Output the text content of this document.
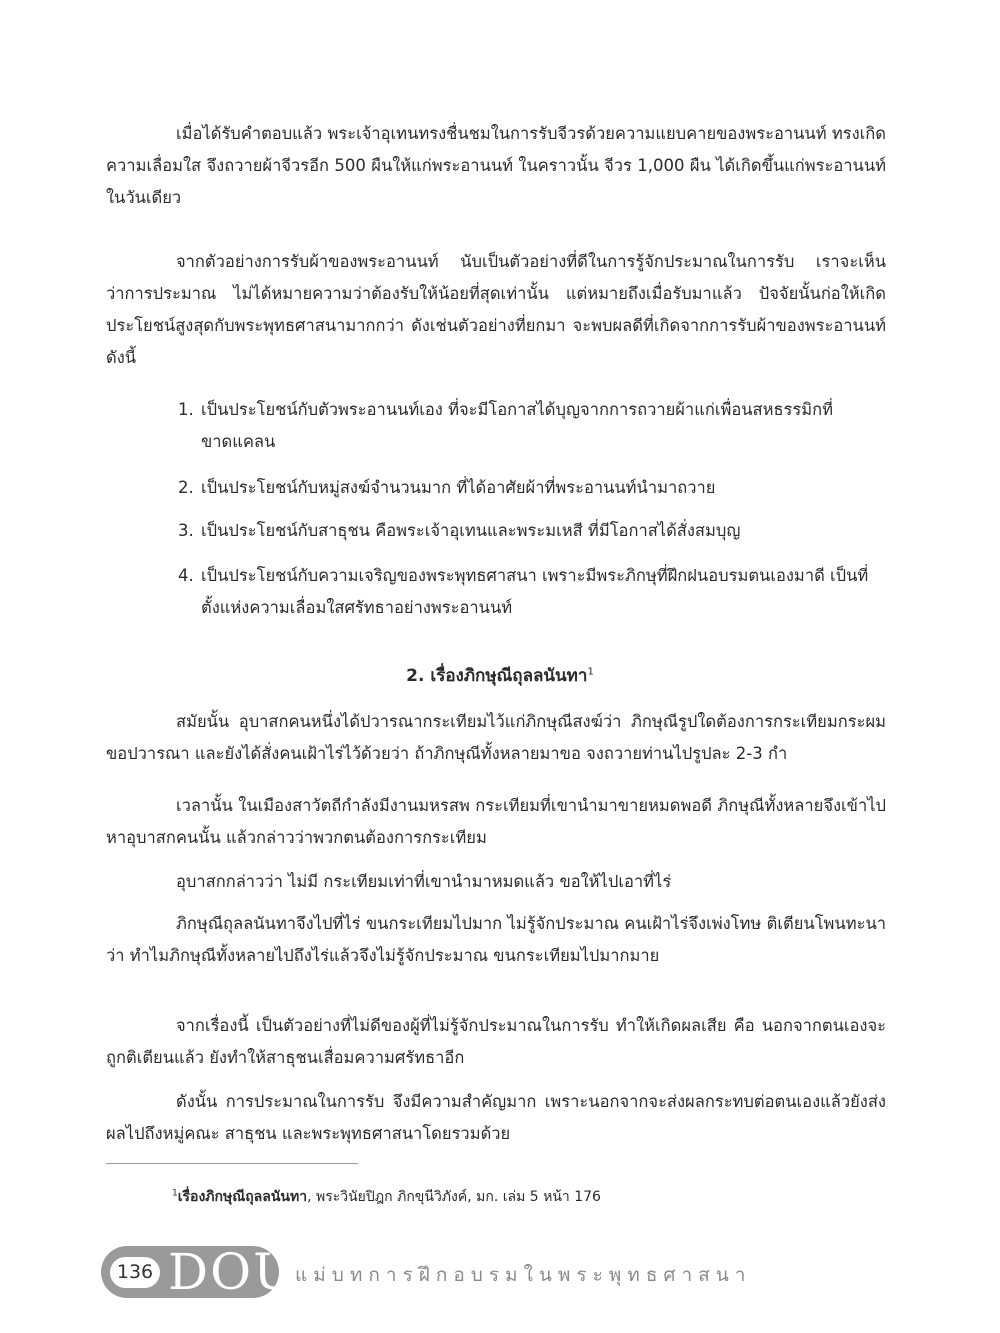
เมื่อได้รับคำตอบแล้ว พระเจ้าอุเทนทรงชื่นชมในการรับจีวรด้วยความแยบคายของพระอานนท์ ทรงเกิดความเลื่อมใส จึงถวายผ้าจีวรอีก 500 ผืนให้แก่พระอานนท์ ในคราวนั้น จีวร 1,000 ผืน ได้เกิดขึ้นแก่พระอานนท์ในวันเดียว

จากตัวอย่างการรับผ้าของพระอานนท์ นับเป็นตัวอย่างที่ดีในการรู้จักประมาณในการรับ เราจะเห็นว่าการประมาณ ไม่ได้หมายความว่าต้องรับให้น้อยที่สุดเท่านั้น แต่หมายถึงเมื่อรับมาแล้ว ปัจจัยนั้นก่อให้เกิดประโยชน์สูงสุดกับพระพุทธศาสนามากกว่า ดังเช่นตัวอย่างที่ยกมา จะพบผลดีที่เกิดจากการรับผ้าของพระอานนท์ดังนี้

1. เป็นประโยชน์กับตัวพระอานนท์เอง ที่จะมีโอกาสได้บุญจากการถวายผ้าแก่เพื่อนสหธรรมิกที่ขาดแคลน
2. เป็นประโยชน์กับหมู่สงฆ์จำนวนมาก ที่ได้อาศัยผ้าที่พระอานนท์นำมาถวาย
3. เป็นประโยชน์กับสาธุชน คือพระเจ้าอุเทนและพระมเหสี ที่มีโอกาสได้สั่งสมบุญ
4. เป็นประโยชน์กับความเจริญของพระพุทธศาสนา เพราะมีพระภิกษุที่ฝึกฝนอบรมตนเองมาดี เป็นที่ตั้งแห่งความเลื่อมใสศรัทธาอย่างพระอานนท์
2. เรื่องภิกษุณีถุลลนันทา$^1$

สมัยนั้น อุบาสกคนหนึ่งได้ปวารณากระเทียมไว้แก่ภิกษุณีสงฆ์ว่า ภิกษุณีรูปใดต้องการกระเทียมกระผมขอปวารณา และยังได้สั่งคนเฝ้าไร่ไว้ด้วยว่า ถ้าภิกษุณีทั้งหลายมาขอ จงถวายท่านไปรูปละ 2-3 กำ

เวลานั้น ในเมืองสาวัตถีกำลังมีงานมหรสพ กระเทียมที่เขานำมาขายหมดพอดี ภิกษุณีทั้งหลายจึงเข้าไปหาอุบาสกคนนั้น แล้วกล่าวว่าพวกตนต้องการกระเทียม

อุบาสกกล่าวว่า ไม่มี กระเทียมเท่าที่เขานำมาหมดแล้ว ขอให้ไปเอาที่ไร่

ภิกษุณีถุลลนันทาจึงไปที่ไร่ ขนกระเทียมไปมาก ไม่รู้จักประมาณ คนเฝ้าไร่จึงเพ่งโทษ ติเตียนโพนทะนาว่า ทำไมภิกษุณีทั้งหลายไปถึงไร่แล้วจึงไม่รู้จักประมาณ ขนกระเทียมไปมากมาย

จากเรื่องนี้ เป็นตัวอย่างที่ไม่ดีของผู้ที่ไม่รู้จักประมาณในการรับ ทำให้เกิดผลเสีย คือ นอกจากตนเองจะถูกติเตียนแล้ว ยังทำให้สาธุชนเสื่อมความศรัทธาอีก

ดังนั้น การประมาณในการรับ จึงมีความสำคัญมาก เพราะนอกจากจะส่งผลกระทบต่อตนเองแล้วยังส่งผลไปถึงหมู่คณะ สาธุชน และพระพุทธศาสนาโดยรวมด้วย

$^1$เรื่องภิกษุณีถุลลนันทา, พระวินัยปิฎก ภิกขุนีวิภังค์, มก. เล่ม 5 หน้า 176
136 DOU
แม่บทการฝึกอบรมในพระพุทธศาสนา
